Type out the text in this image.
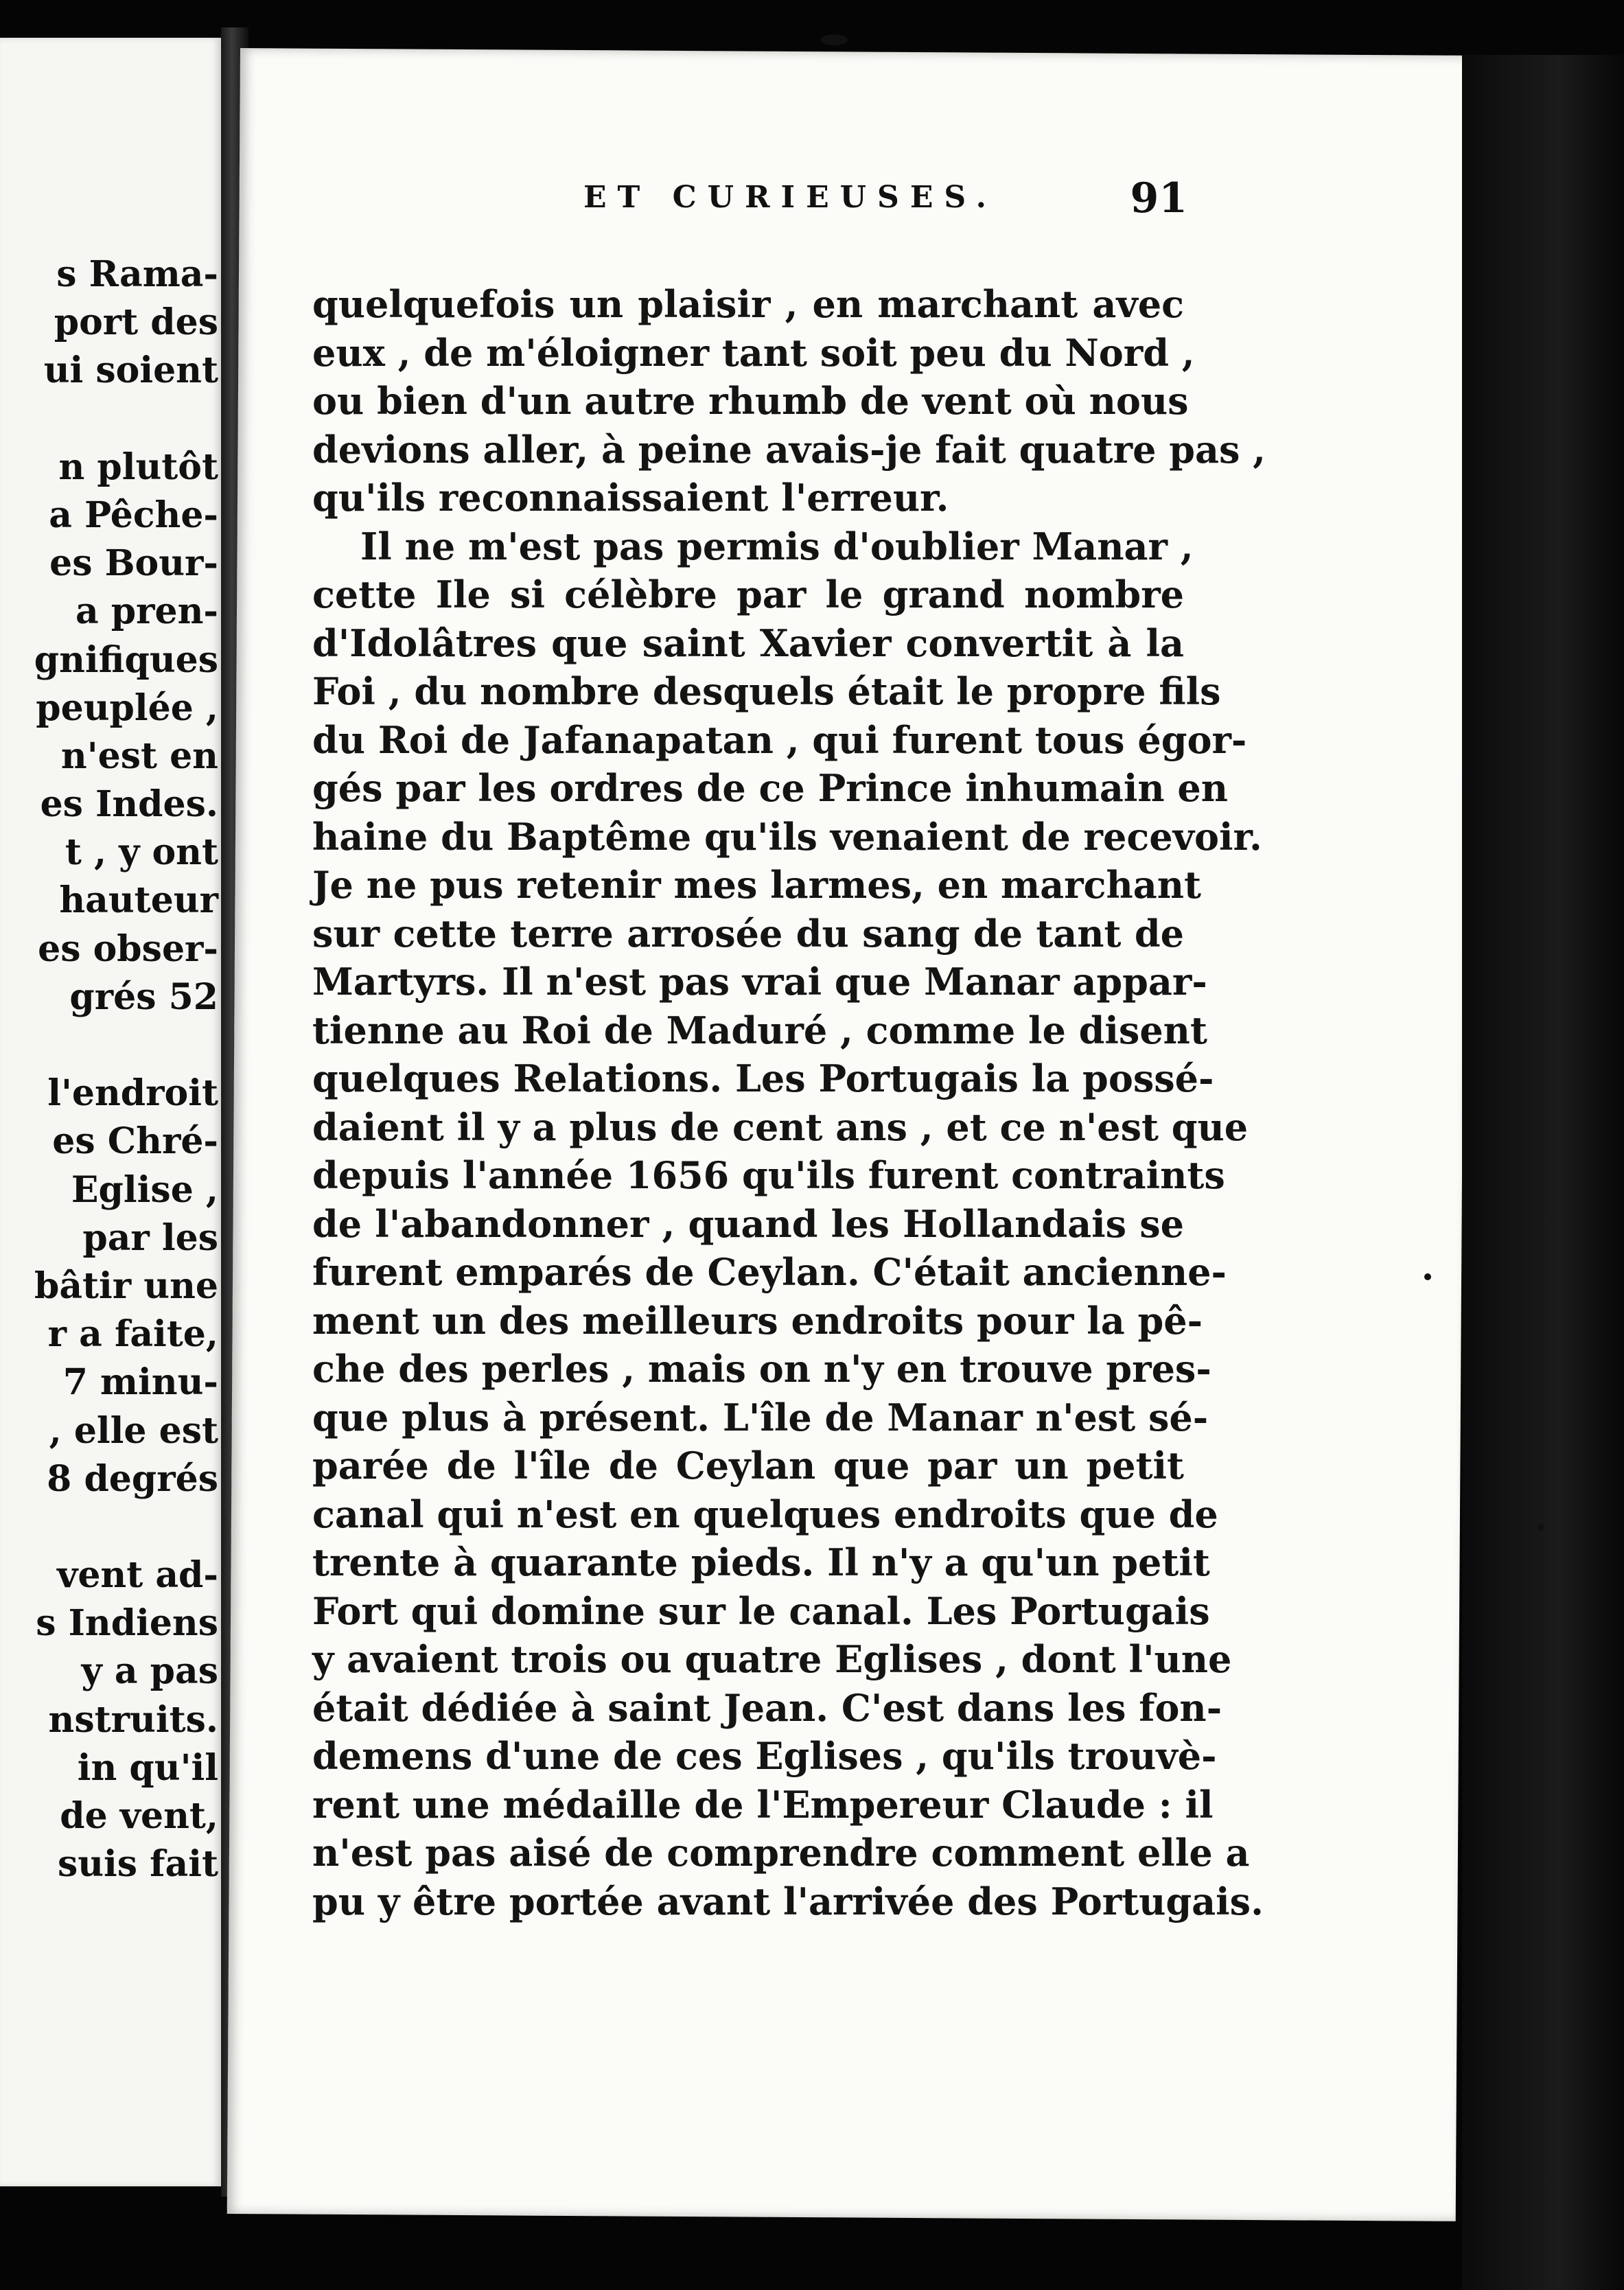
s Rama-
port des
ui soient
n plutôt
a Pêche-
es Bour-
a pren-
gnifiques
peuplée ,
n'est en
es Indes.
t , y ont
hauteur
es obser-
grés 52
l'endroit
es Chré-
Eglise ,
par les
bâtir une
r a faite,
7 minu-
, elle est
8 degrés
vent ad-
s Indiens
y a pas
nstruits.
in qu'il
de vent,
suis fait
ET CURIEUSES.	91
quelquefois un plaisir , en marchant avec
eux , de m'éloigner tant soit peu du Nord ,
ou bien d'un autre rhumb de vent où nous
devions aller, à peine avais-je fait quatre pas ,
qu'ils reconnaissaient l'erreur.
Il ne m'est pas permis d'oublier Manar ,
cette Ile si célèbre par le grand nombre
d'Idolâtres que saint Xavier convertit à la
Foi , du nombre desquels était le propre fils
du Roi de Jafanapatan , qui furent tous égor-
gés par les ordres de ce Prince inhumain en
haine du Baptême qu'ils venaient de recevoir.
Je ne pus retenir mes larmes, en marchant
sur cette terre arrosée du sang de tant de
Martyrs. Il n'est pas vrai que Manar appar-
tienne au Roi de Maduré , comme le disent
quelques Relations. Les Portugais la possé-
daient il y a plus de cent ans , et ce n'est que
depuis l'année 1656 qu'ils furent contraints
de l'abandonner , quand les Hollandais se
furent emparés de Ceylan. C'était ancienne-
ment un des meilleurs endroits pour la pê-
che des perles , mais on n'y en trouve pres-
que plus à présent. L'île de Manar n'est sé-
parée de l'île de Ceylan que par un petit
canal qui n'est en quelques endroits que de
trente à quarante pieds. Il n'y a qu'un petit
Fort qui domine sur le canal. Les Portugais
y avaient trois ou quatre Eglises , dont l'une
était dédiée à saint Jean. C'est dans les fon-
demens d'une de ces Eglises , qu'ils trouvè-
rent une médaille de l'Empereur Claude : il
n'est pas aisé de comprendre comment elle a
pu y être portée avant l'arrivée des Portugais.
